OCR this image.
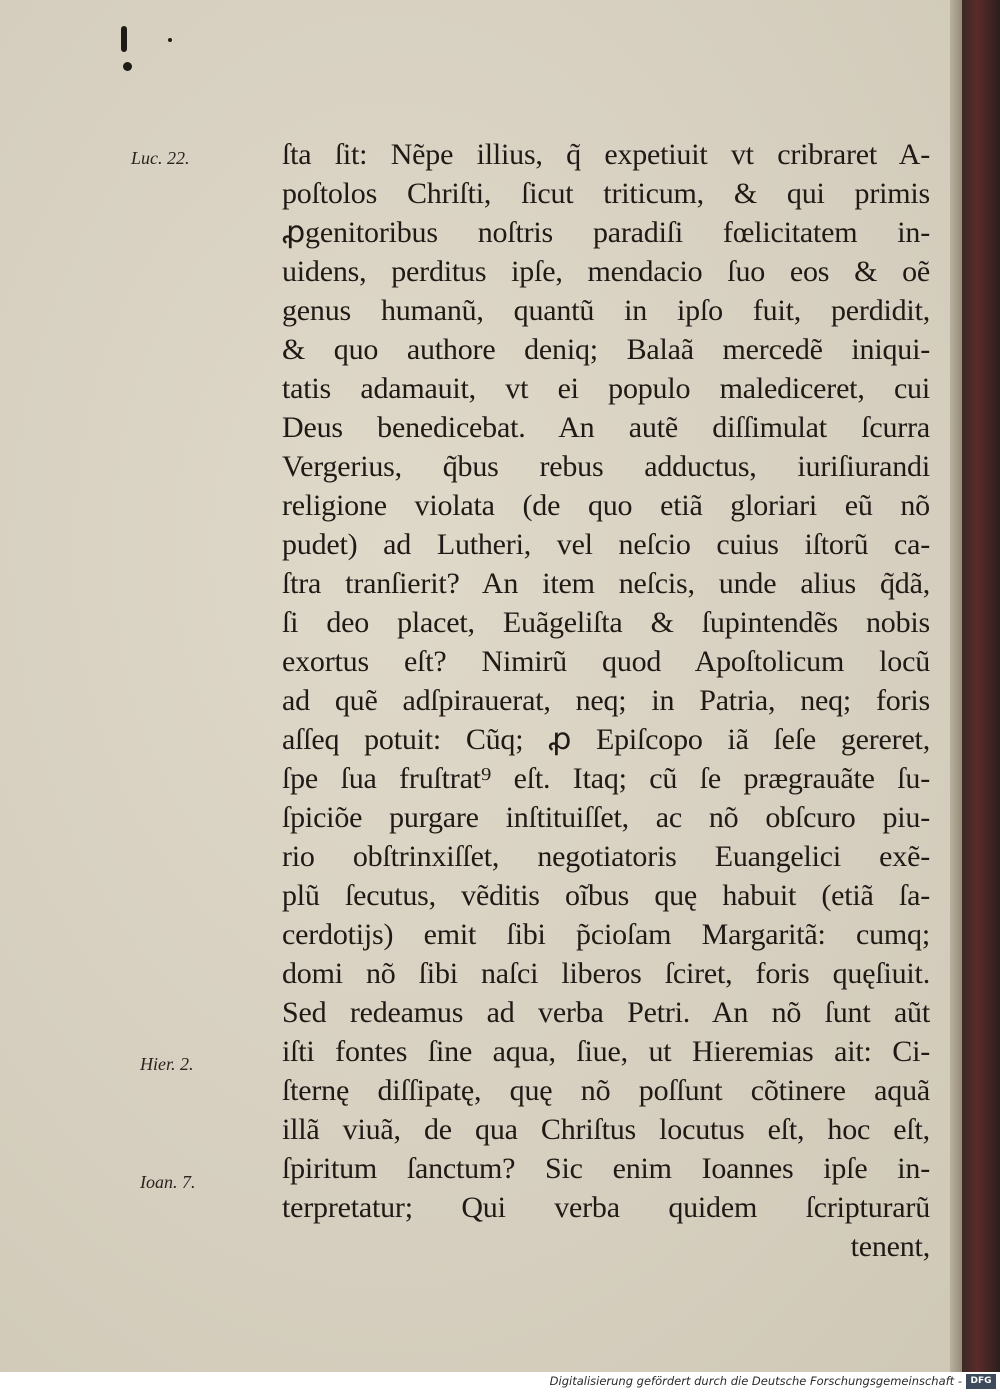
Luc. 22.
Hier. 2.
Ioan. 7.
ſta ſit: Nẽpe illius, q̃ expetiuit vt cribraret A-
poſtolos Chriſti, ſicut triticum, & qui primis
ꝓgenitoribus noſtris paradiſi fœlicitatem in-
uidens, perditus ipſe, mendacio ſuo eos & oẽ
genus humanũ, quantũ in ipſo fuit, perdidit,
& quo authore deniq; Balaã mercedẽ iniqui-
tatis adamauit, vt ei populo malediceret, cui
Deus benedicebat. An autẽ diſſimulat ſcurra
Vergerius, q̃bus rebus adductus, iuriſiurandi
religione violata (de quo etiã gloriari eũ nõ
pudet) ad Lutheri, vel neſcio cuius iſtorũ ca-
ſtra tranſierit? An item neſcis, unde alius q̃dã,
ſi deo placet, Euãgeliſta & ſupintendẽs nobis
exortus eſt? Nimirũ quod Apoſtolicum locũ
ad quẽ adſpirauerat, neq; in Patria, neq; foris
aſſeq potuit: Cũq; ꝓ Epiſcopo iã ſeſe gereret,
ſpe ſua fruſtrat⁹ eſt. Itaq; cũ ſe prægrauãte ſu-
ſpiciõe purgare inſtituiſſet, ac nõ obſcuro piu-
rio obſtrinxiſſet, negotiatoris Euangelici exẽ-
plũ ſecutus, vẽditis oĩbus quę habuit (etiã ſa-
cerdotijs) emit ſibi p̃cioſam Margaritã: cumq;
domi nõ ſibi naſci liberos ſciret, foris quęſiuit.
Sed redeamus ad verba Petri. An nõ ſunt aũt
iſti fontes ſine aqua, ſiue, ut Hieremias ait: Ci-
ſternę diſſipatę, quę nõ poſſunt cõtinere aquã
illã viuã, de qua Chriſtus locutus eſt, hoc eſt,
ſpiritum ſanctum? Sic enim Ioannes ipſe in-
terpretatur; Qui verba quidem ſcripturarũ
tenent,
Digitalisierung gefördert durch die Deutsche Forschungsgemeinschaft - DFG
